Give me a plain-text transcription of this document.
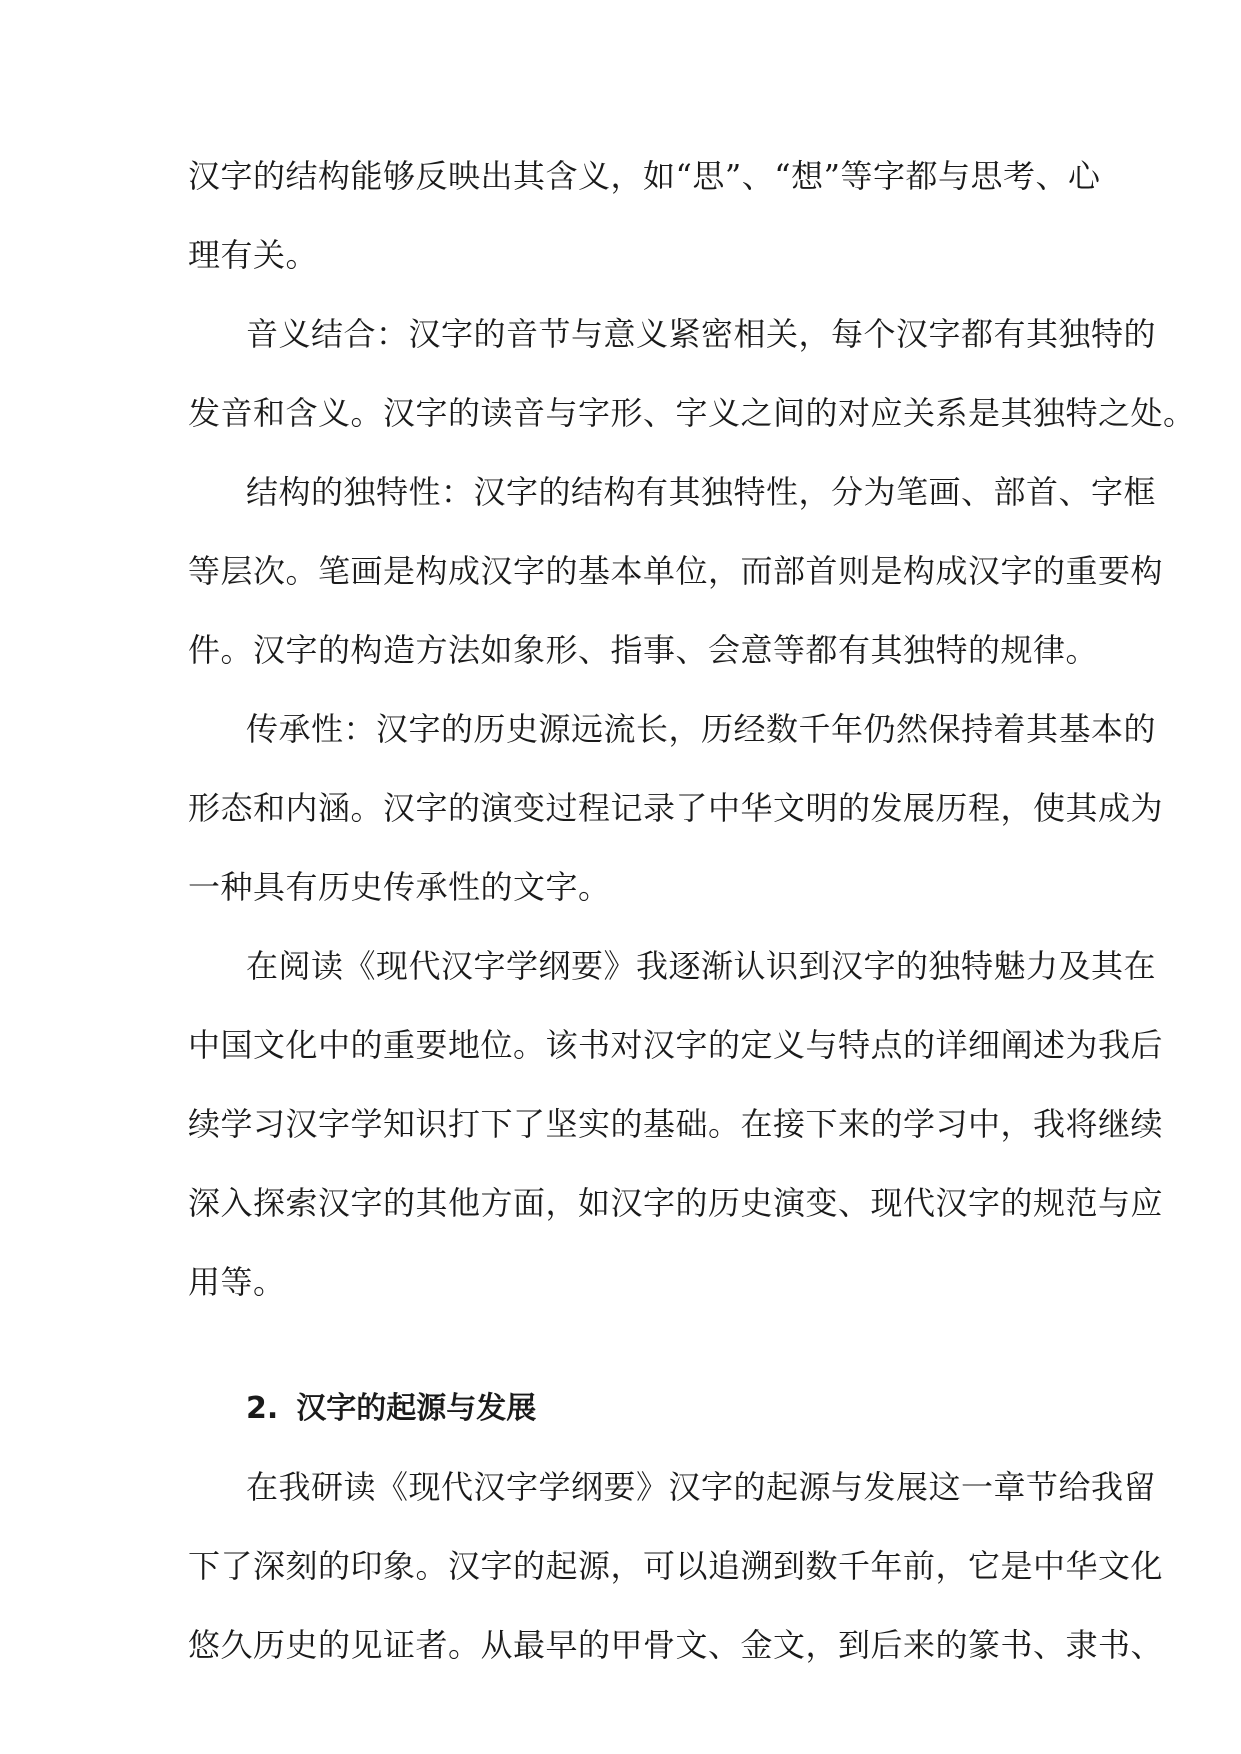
汉字的结构能够反映出其含义，如“思”、“想”等字都与思考、心
理有关。
音义结合：汉字的音节与意义紧密相关，每个汉字都有其独特的
发音和含义。汉字的读音与字形、字义之间的对应关系是其独特之处。
结构的独特性：汉字的结构有其独特性，分为笔画、部首、字框
等层次。笔画是构成汉字的基本单位，而部首则是构成汉字的重要构
件。汉字的构造方法如象形、指事、会意等都有其独特的规律。
传承性：汉字的历史源远流长，历经数千年仍然保持着其基本的
形态和内涵。汉字的演变过程记录了中华文明的发展历程，使其成为
一种具有历史传承性的文字。
在阅读《现代汉字学纲要》我逐渐认识到汉字的独特魅力及其在
中国文化中的重要地位。该书对汉字的定义与特点的详细阐述为我后
续学习汉字学知识打下了坚实的基础。在接下来的学习中，我将继续
深入探索汉字的其他方面，如汉字的历史演变、现代汉字的规范与应
用等。
2. 汉字的起源与发展
在我研读《现代汉字学纲要》汉字的起源与发展这一章节给我留
下了深刻的印象。汉字的起源，可以追溯到数千年前，它是中华文化
悠久历史的见证者。从最早的甲骨文、金文，到后来的篆书、隶书、
